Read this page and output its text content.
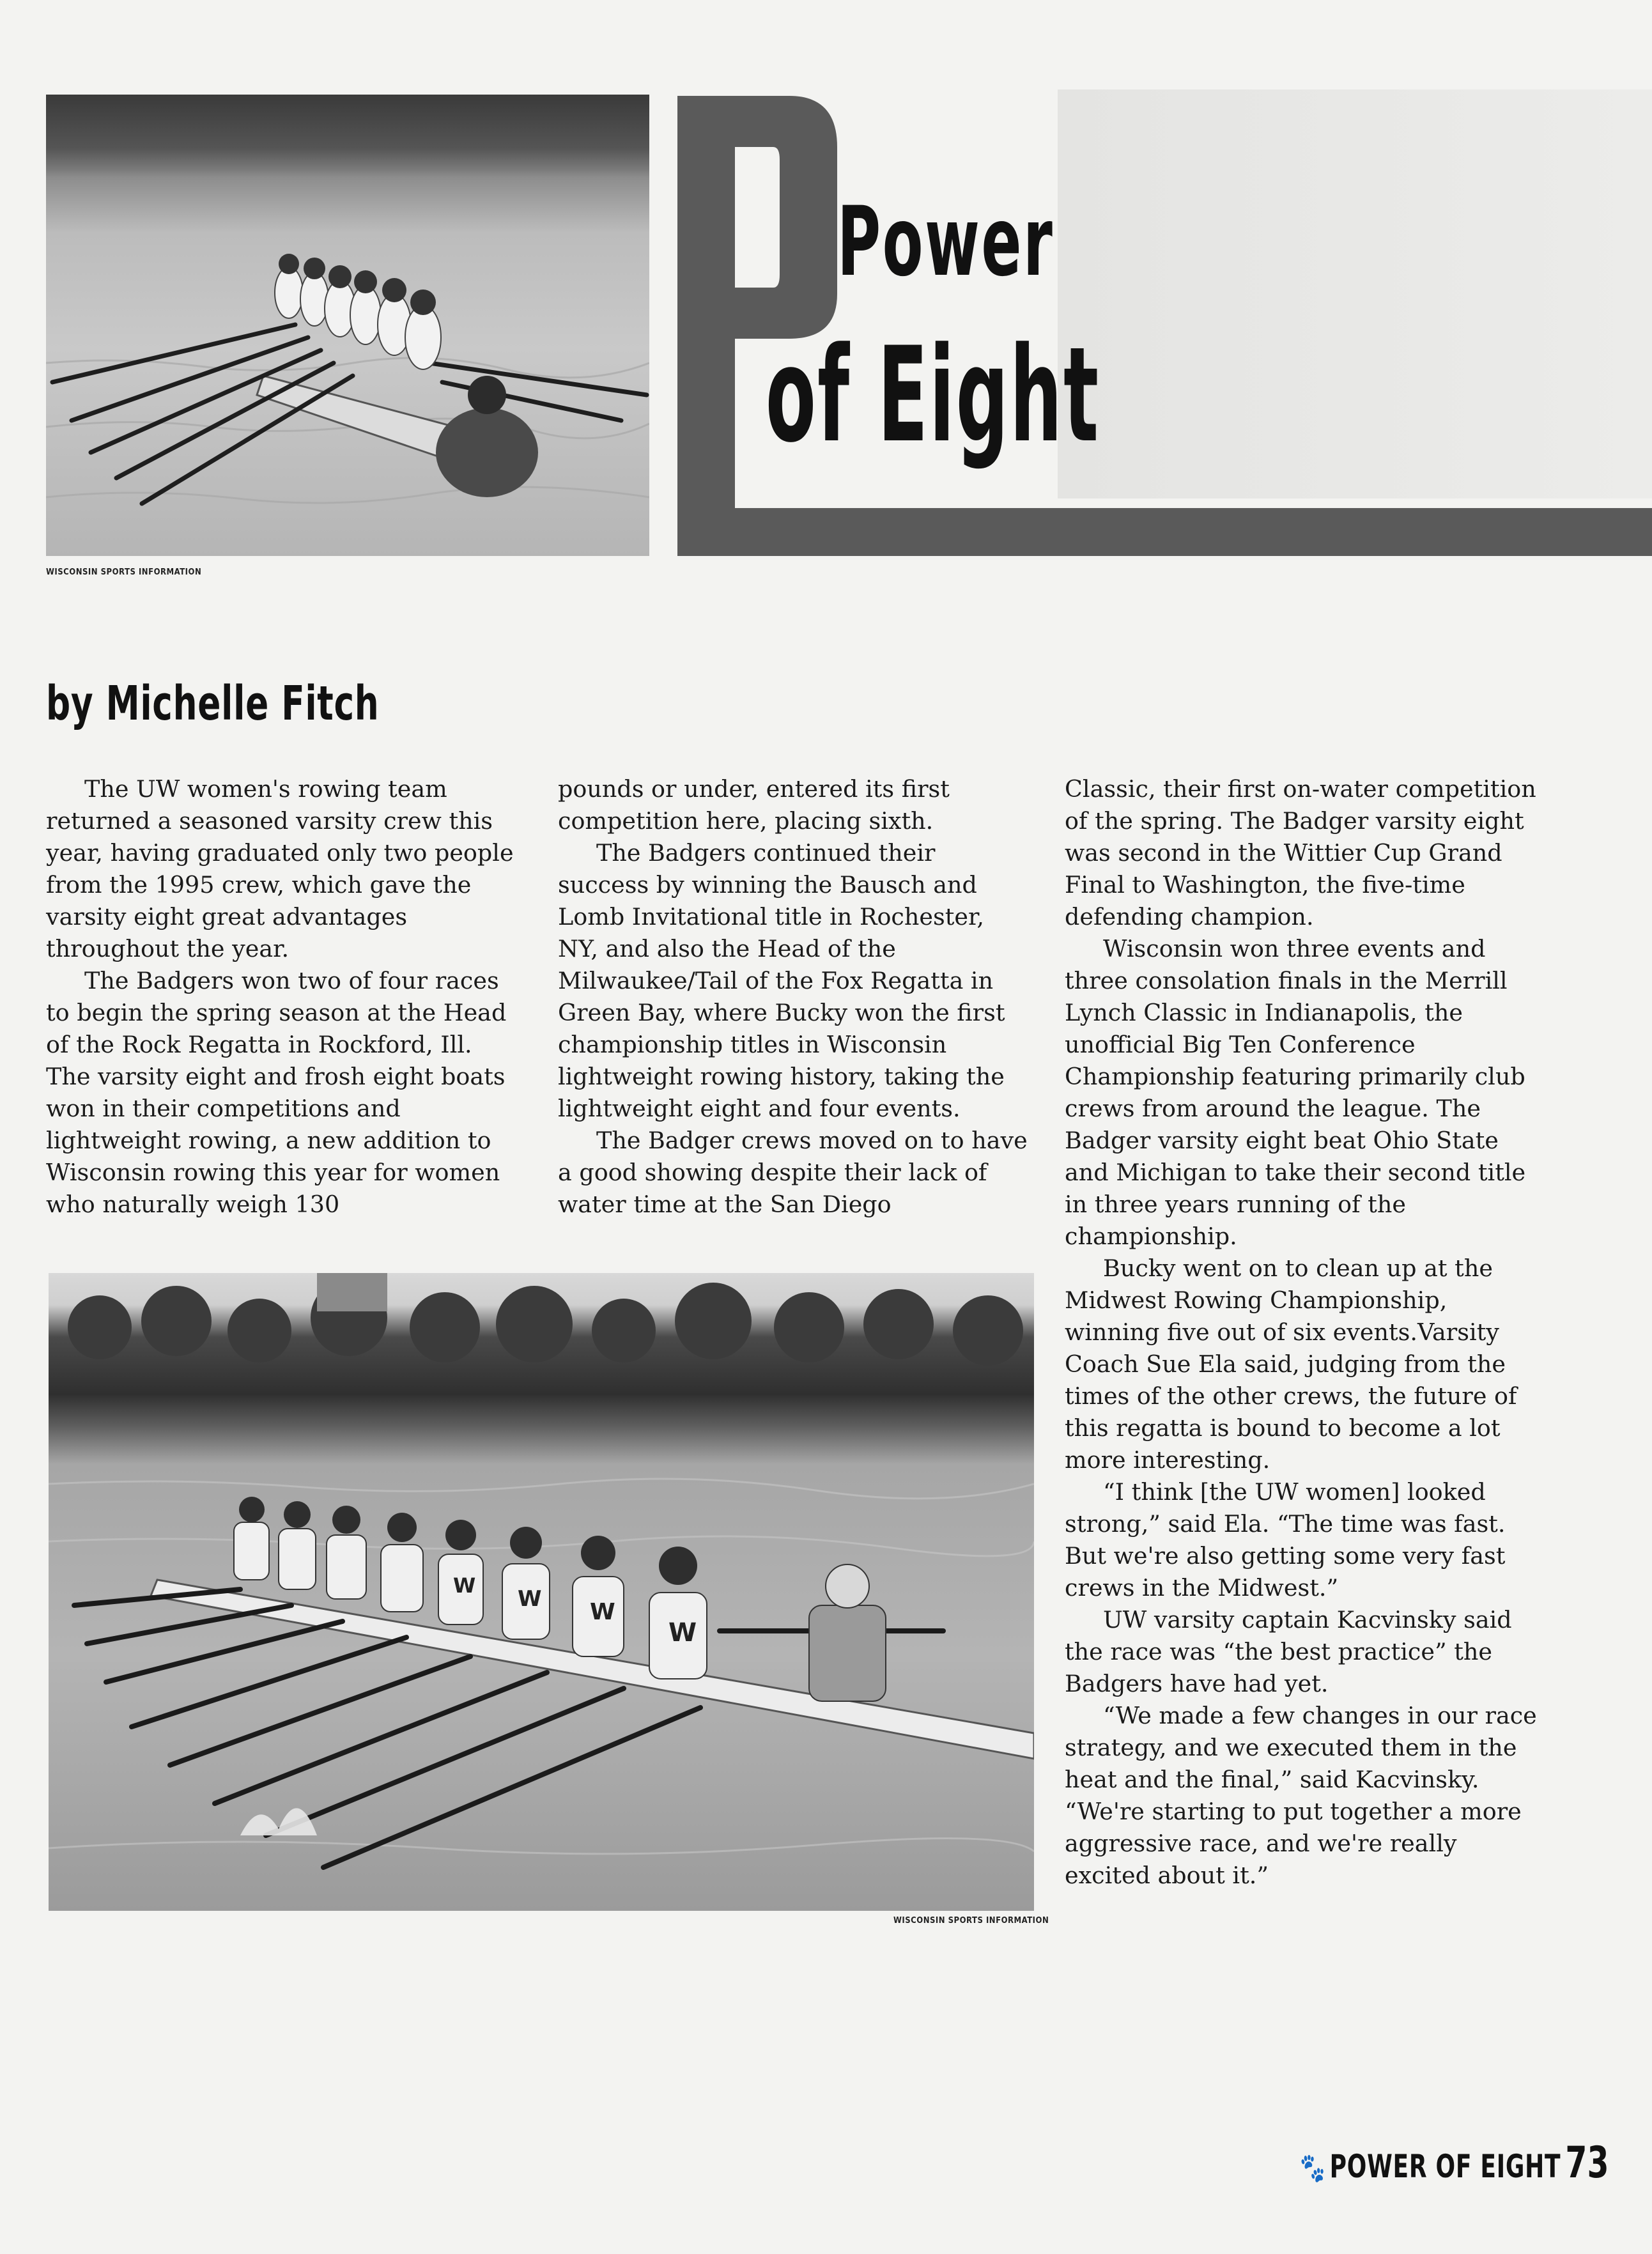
WISCONSIN SPORTS INFORMATION
Power
of Eight
by Michelle Fitch

The UW women's rowing team returned a seasoned varsity crew this year, having graduated only two people from the 1995 crew, which gave the varsity eight great advantages throughout the year.

The Badgers won two of four races to begin the spring season at the Head of the Rock Regatta in Rockford, Ill. The varsity eight and frosh eight boats won in their competitions and lightweight rowing, a new addition to Wisconsin rowing this year for women who naturally weigh 130

pounds or under, entered its first competition here, placing sixth.

The Badgers continued their success by winning the Bausch and Lomb Invitational title in Rochester, NY, and also the Head of the Milwaukee/Tail of the Fox Regatta in Green Bay, where Bucky won the first championship titles in Wisconsin lightweight rowing history, taking the lightweight eight and four events.

The Badger crews moved on to have a good showing despite their lack of water time at the San Diego

Classic, their first on-water competition of the spring. The Badger varsity eight was second in the Wittier Cup Grand Final to Washington, the five-time defending champion.

Wisconsin won three events and three consolation finals in the Merrill Lynch Classic in Indianapolis, the unofficial Big Ten Conference Championship featuring primarily club crews from around the league. The Badger varsity eight beat Ohio State and Michigan to take their second title in three years running of the championship.

Bucky went on to clean up at the Midwest Rowing Championship, winning five out of six events.Varsity Coach Sue Ela said, judging from the times of the other crews, the future of this regatta is bound to become a lot more interesting.

“I think [the UW women] looked strong,” said Ela. “The time was fast. But we're also getting some very fast crews in the Midwest.”

UW varsity captain Kacvinsky said the race was “the best practice” the Badgers have had yet.

“We made a few changes in our race strategy, and we executed them in the heat and the final,” said Kacvinsky. “We're starting to put together a more aggressive race, and we're really excited about it.”

W
W W
W
WISCONSIN SPORTS INFORMATION
🐾 POWER OF EIGHT 73
